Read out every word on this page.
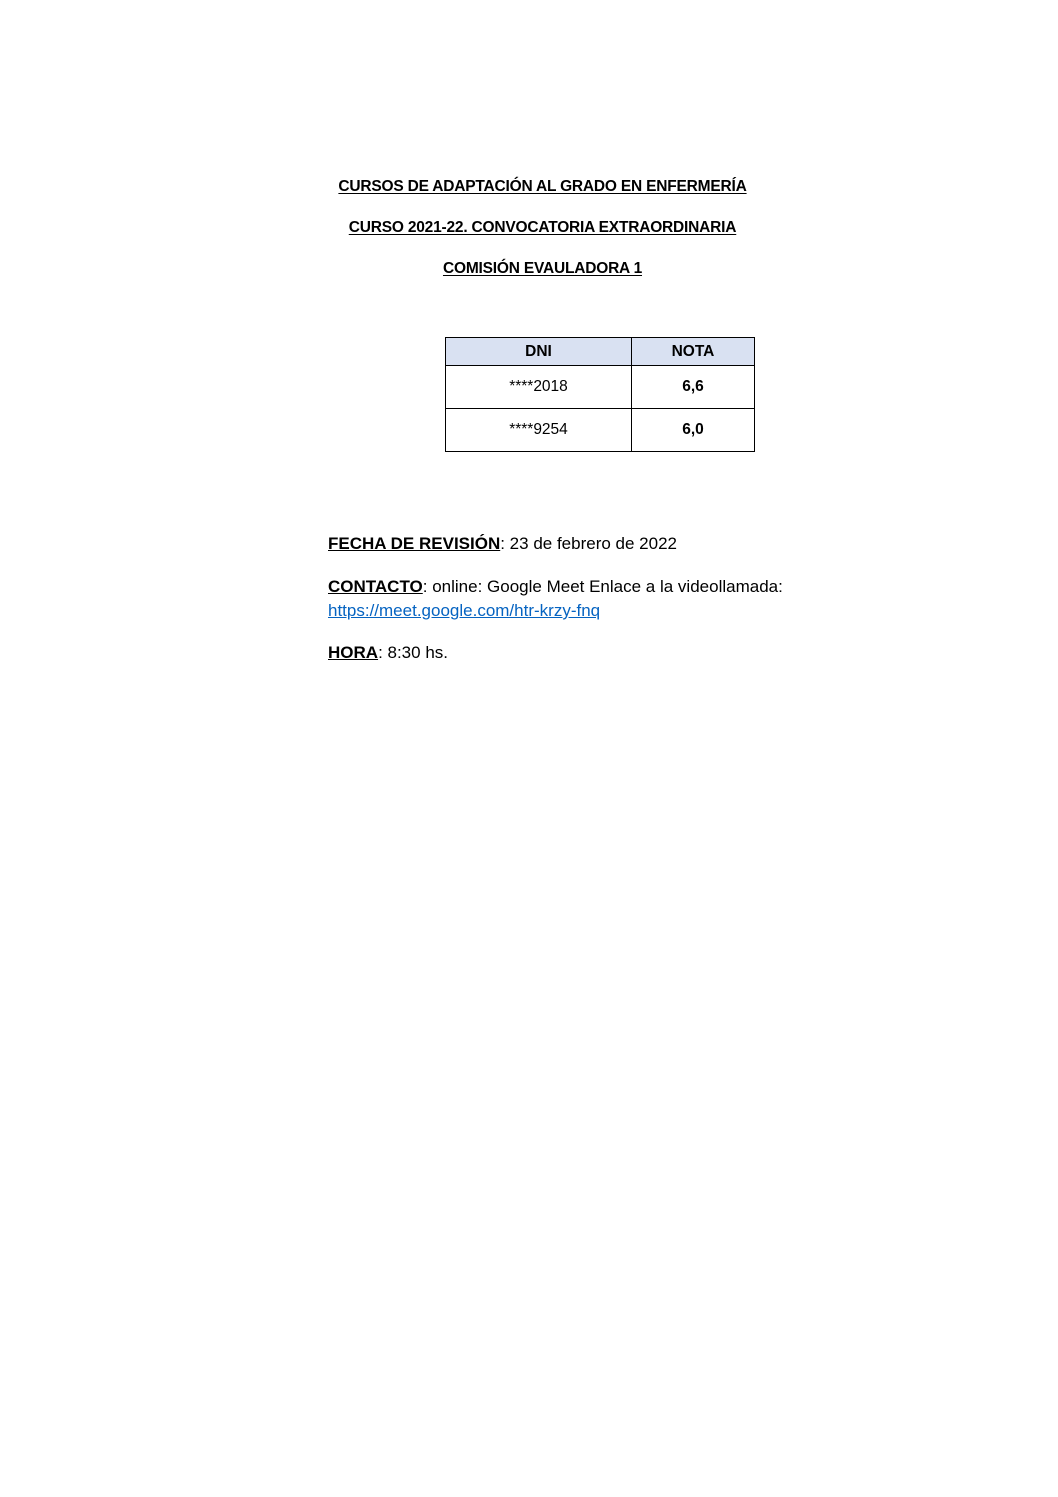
CURSOS DE ADAPTACIÓN AL GRADO EN ENFERMERÍA
CURSO 2021-22. CONVOCATORIA EXTRAORDINARIA
COMISIÓN EVAULADORA 1
DNI	NOTA
****2018	6,6
****9254	6,0
FECHA DE REVISIÓN: 23 de febrero de 2022
CONTACTO: online: Google Meet Enlace a la videollamada:
https://meet.google.com/htr-krzy-fnq
HORA: 8:30 hs.
